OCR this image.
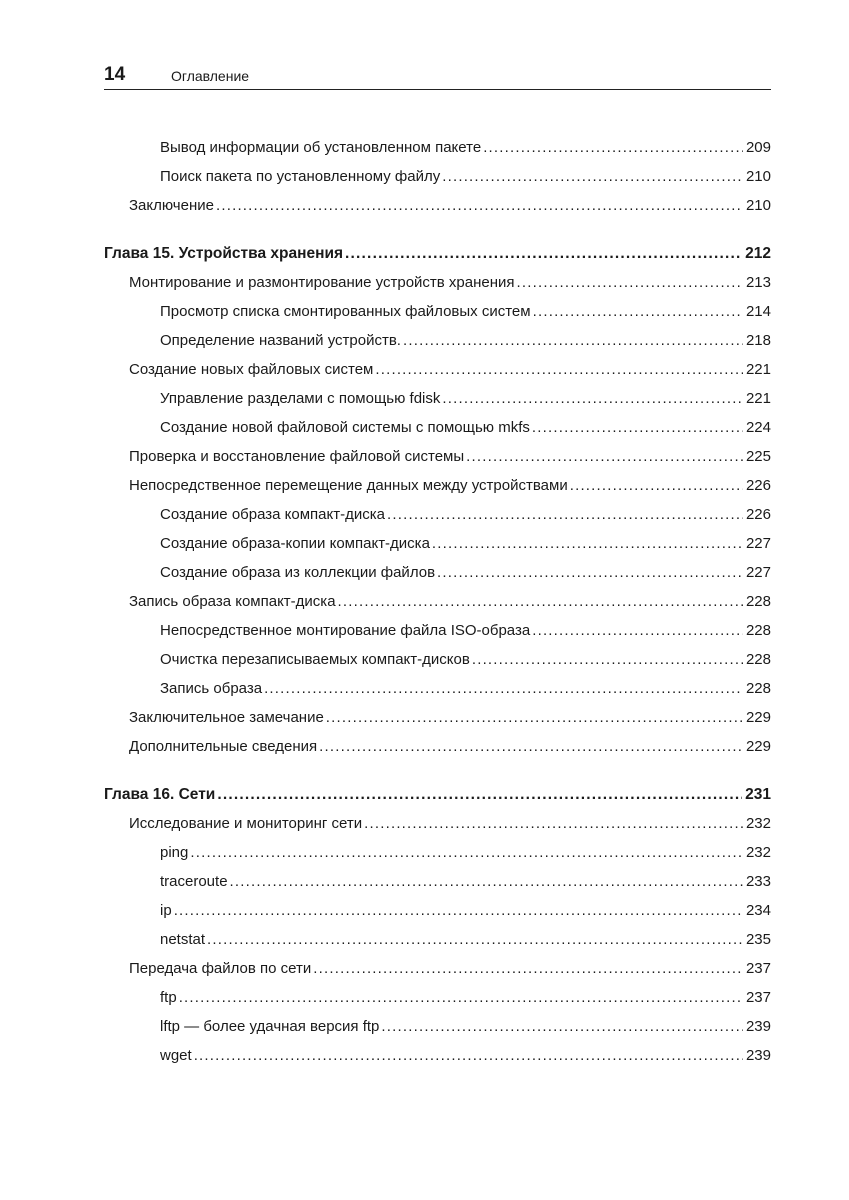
14	Оглавление
Вывод информации об установленном пакете .....	209
Поиск пакета по установленному файлу .....	210
Заключение .....	210
Глава 15. Устройства хранения .....	212
Монтирование и размонтирование устройств хранения .....	213
Просмотр списка смонтированных файловых систем .....	214
Определение названий устройств. .....	218
Создание новых файловых систем .....	221
Управление разделами с помощью fdisk .....	221
Создание новой файловой системы с помощью mkfs .....	224
Проверка и восстановление файловой системы .....	225
Непосредственное перемещение данных между устройствами .....	226
Создание образа компакт-диска .....	226
Создание образа-копии компакт-диска .....	227
Создание образа из коллекции файлов .....	227
Запись образа компакт-диска .....	228
Непосредственное монтирование файла ISO-образа .....	228
Очистка перезаписываемых компакт-дисков .....	228
Запись образа .....	228
Заключительное замечание .....	229
Дополнительные сведения .....	229
Глава 16. Сети .....	231
Исследование и мониторинг сети .....	232
ping .....	232
traceroute .....	233
ip .....	234
netstat .....	235
Передача файлов по сети .....	237
ftp .....	237
lftp — более удачная версия ftp .....	239
wget .....	239
